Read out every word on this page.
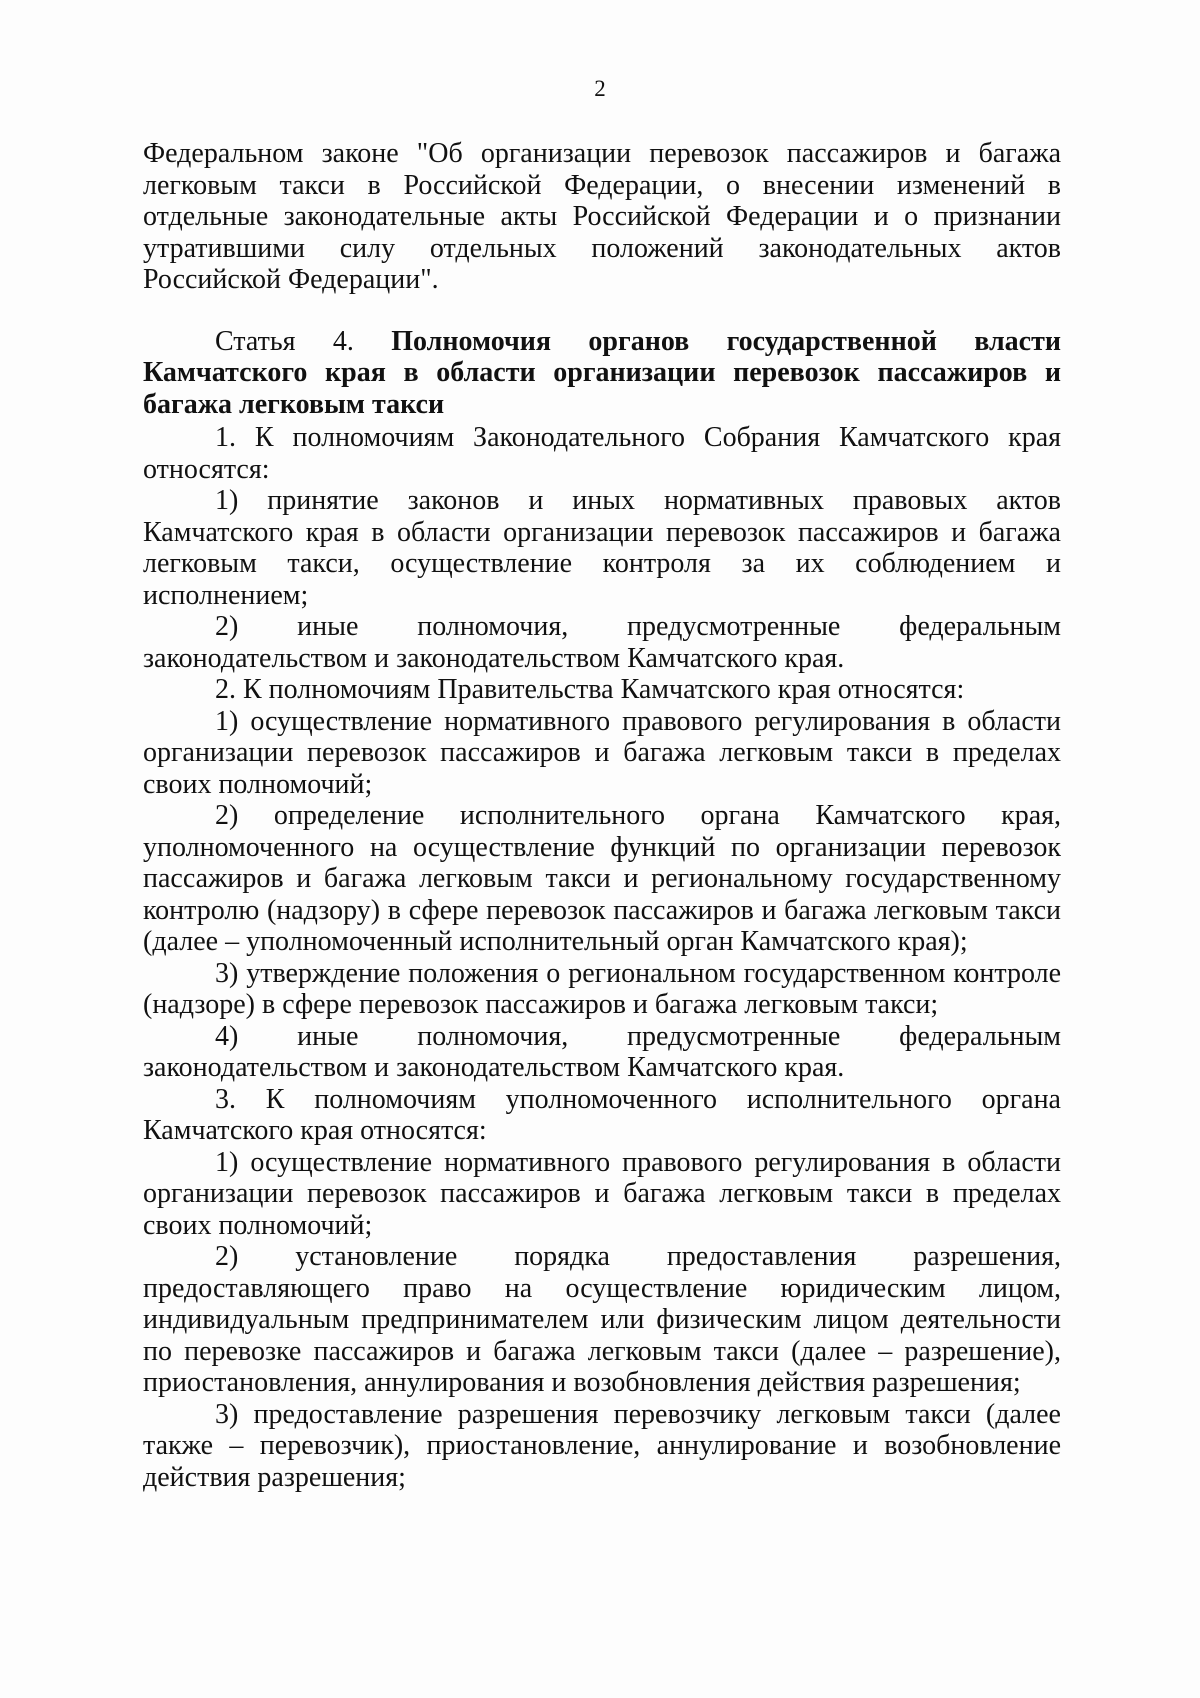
2

Федеральном законе "Об организации перевозок пассажиров и багажа легковым такси в Российской Федерации, о внесении изменений в отдельные законодательные акты Российской Федерации и о признании утратившими силу отдельных положений законодательных актов Российской Федерации".

Статья 4. Полномочия органов государственной власти Камчатского края в области организации перевозок пассажиров и багажа легковым такси

1. К полномочиям Законодательного Собрания Камчатского края относятся:

1) принятие законов и иных нормативных правовых актов Камчатского края в области организации перевозок пассажиров и багажа легковым такси, осуществление контроля за их соблюдением и исполнением;

2) иные полномочия, предусмотренные федеральным законодательством и законодательством Камчатского края.

2. К полномочиям Правительства Камчатского края относятся:

1) осуществление нормативного правового регулирования в области организации перевозок пассажиров и багажа легковым такси в пределах своих полномочий;

2) определение исполнительного органа Камчатского края, уполномоченного на осуществление функций по организации перевозок пассажиров и багажа легковым такси и региональному государственному контролю (надзору) в сфере перевозок пассажиров и багажа легковым такси (далее – уполномоченный исполнительный орган Камчатского края);

3) утверждение положения о региональном государственном контроле (надзоре) в сфере перевозок пассажиров и багажа легковым такси;

4) иные полномочия, предусмотренные федеральным законодательством и законодательством Камчатского края.

3. К полномочиям уполномоченного исполнительного органа Камчатского края относятся:

1) осуществление нормативного правового регулирования в области организации перевозок пассажиров и багажа легковым такси в пределах своих полномочий;

2) установление порядка предоставления разрешения, предоставляющего право на осуществление юридическим лицом, индивидуальным предпринимателем или физическим лицом деятельности по перевозке пассажиров и багажа легковым такси (далее – разрешение), приостановления, аннулирования и возобновления действия разрешения;

3) предоставление разрешения перевозчику легковым такси (далее также – перевозчик), приостановление, аннулирование и возобновление действия разрешения;
